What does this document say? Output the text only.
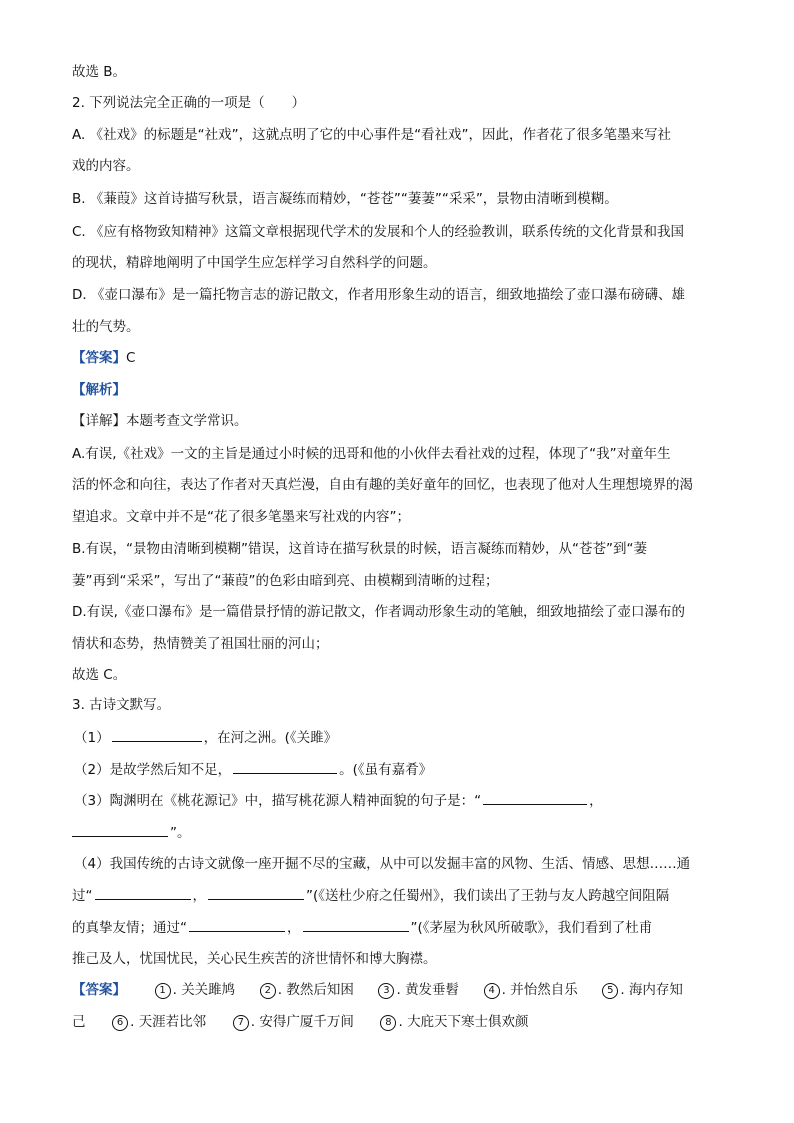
故选 B。
2. 下列说法完全正确的一项是（　　）
A. 《社戏》的标题是“社戏”，这就点明了它的中心事件是“看社戏”，因此，作者花了很多笔墨来写社
戏的内容。
B. 《蒹葭》这首诗描写秋景，语言凝练而精妙，“苍苍”“萋萋”“采采”，景物由清晰到模糊。
C. 《应有格物致知精神》这篇文章根据现代学术的发展和个人的经验教训，联系传统的文化背景和我国
的现状，精辟地阐明了中国学生应怎样学习自然科学的问题。
D. 《壶口瀑布》是一篇托物言志的游记散文，作者用形象生动的语言，细致地描绘了壶口瀑布磅礴、雄
壮的气势。
【答案】C
【解析】
【详解】本题考查文学常识。
A.有误,《社戏》一文的主旨是通过小时候的迅哥和他的小伙伴去看社戏的过程，体现了“我”对童年生
活的怀念和向往，表达了作者对天真烂漫，自由有趣的美好童年的回忆，也表现了他对人生理想境界的渴
望追求。文章中并不是“花了很多笔墨来写社戏的内容”；
B.有误，“景物由清晰到模糊”错误，这首诗在描写秋景的时候，语言凝练而精妙，从“苍苍”到“萋
萋”再到“采采”，写出了“蒹葭”的色彩由暗到亮、由模糊到清晰的过程；
D.有误,《壶口瀑布》是一篇借景抒情的游记散文，作者调动形象生动的笔触，细致地描绘了壶口瀑布的
情状和态势，热情赞美了祖国壮丽的河山；
故选 C。
3. 古诗文默写。
（1）	，在河之洲。(《关雎》
（2）是故学然后知不足，	。(《虽有嘉肴》
（3）陶渊明在《桃花源记》中，描写桃花源人精神面貌的句子是：“	，
”。
（4）我国传统的古诗文就像一座开掘不尽的宝藏，从中可以发掘丰富的风物、生活、情感、思想……通
过“	，	”(《送杜少府之任蜀州》，我们读出了王勃与友人跨越空间阻隔
的真挚友情；通过“	，	”(《茅屋为秋风所破歌》，我们看到了杜甫
推己及人，忧国忧民，关心民生疾苦的济世情怀和博大胸襟。
【答案】	1 . 关关雎鸠	2 . 教然后知困	3 . 黄发垂髫	4 . 并怡然自乐	5 . 海内存知
己	6 . 天涯若比邻	7 . 安得广厦千万间	8 . 大庇天下寒士俱欢颜
